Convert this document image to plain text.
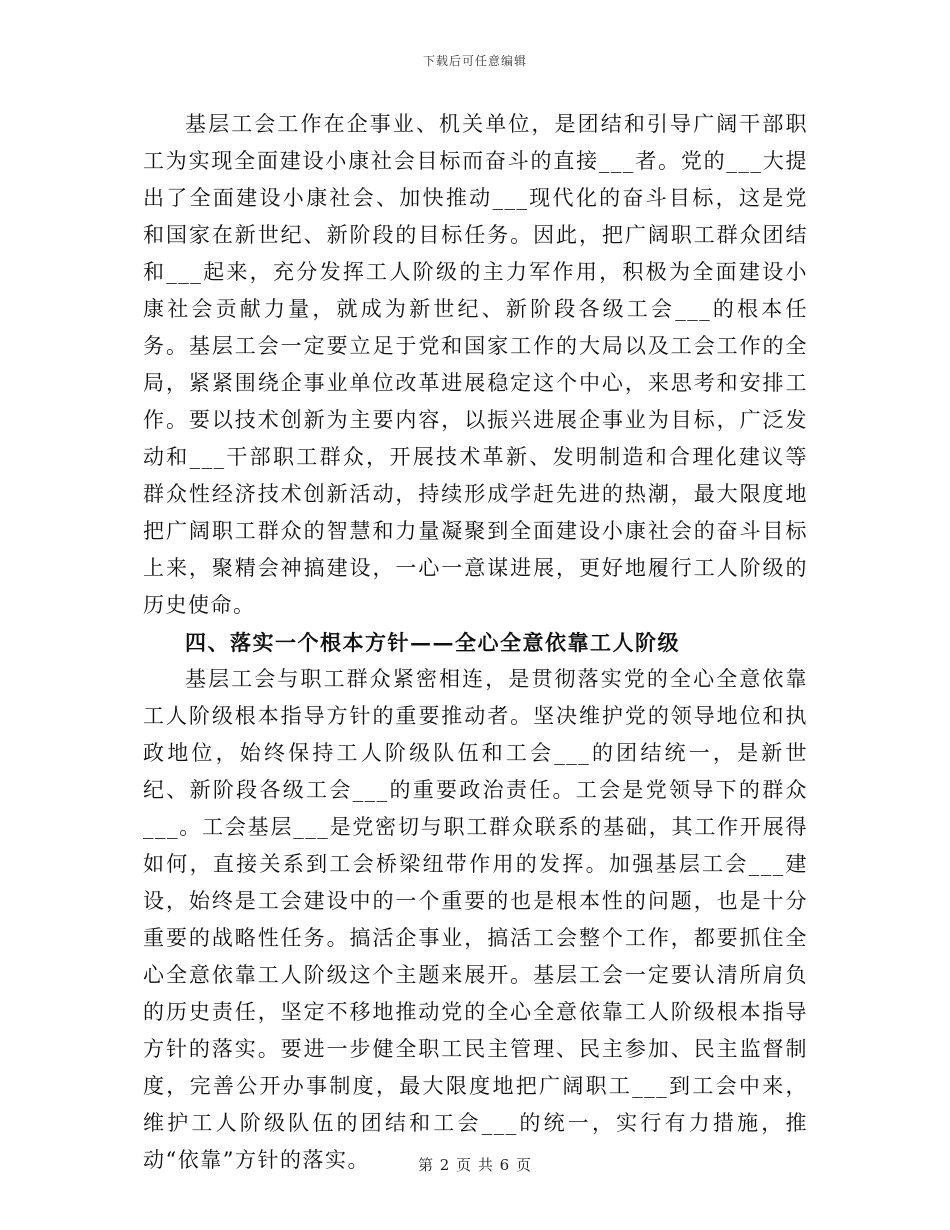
下载后可任意编辑

基层工会工作在企事业、机关单位，是团结和引导广阔干部职工为实现全面建设小康社会目标而奋斗的直接___者。党的___大提出了全面建设小康社会、加快推动___现代化的奋斗目标，这是党和国家在新世纪、新阶段的目标任务。因此，把广阔职工群众团结和___起来，充分发挥工人阶级的主力军作用，积极为全面建设小康社会贡献力量，就成为新世纪、新阶段各级工会___的根本任务。基层工会一定要立足于党和国家工作的大局以及工会工作的全局，紧紧围绕企事业单位改革进展稳定这个中心，来思考和安排工作。要以技术创新为主要内容，以振兴进展企事业为目标，广泛发动和___干部职工群众，开展技术革新、发明制造和合理化建议等群众性经济技术创新活动，持续形成学赶先进的热潮，最大限度地把广阔职工群众的智慧和力量凝聚到全面建设小康社会的奋斗目标上来，聚精会神搞建设，一心一意谋进展，更好地履行工人阶级的历史使命。

四、落实一个根本方针——全心全意依靠工人阶级

基层工会与职工群众紧密相连，是贯彻落实党的全心全意依靠工人阶级根本指导方针的重要推动者。坚决维护党的领导地位和执政地位，始终保持工人阶级队伍和工会___的团结统一，是新世纪、新阶段各级工会___的重要政治责任。工会是党领导下的群众___。工会基层___是党密切与职工群众联系的基础，其工作开展得如何，直接关系到工会桥梁纽带作用的发挥。加强基层工会___建设，始终是工会建设中的一个重要的也是根本性的问题，也是十分重要的战略性任务。搞活企事业，搞活工会整个工作，都要抓住全心全意依靠工人阶级这个主题来展开。基层工会一定要认清所肩负的历史责任，坚定不移地推动党的全心全意依靠工人阶级根本指导方针的落实。要进一步健全职工民主管理、民主参加、民主监督制度，完善公开办事制度，最大限度地把广阔职工___到工会中来，维护工人阶级队伍的团结和工会___的统一，实行有力措施，推动“依靠”方针的落实。	第 2 页 共 6 页
